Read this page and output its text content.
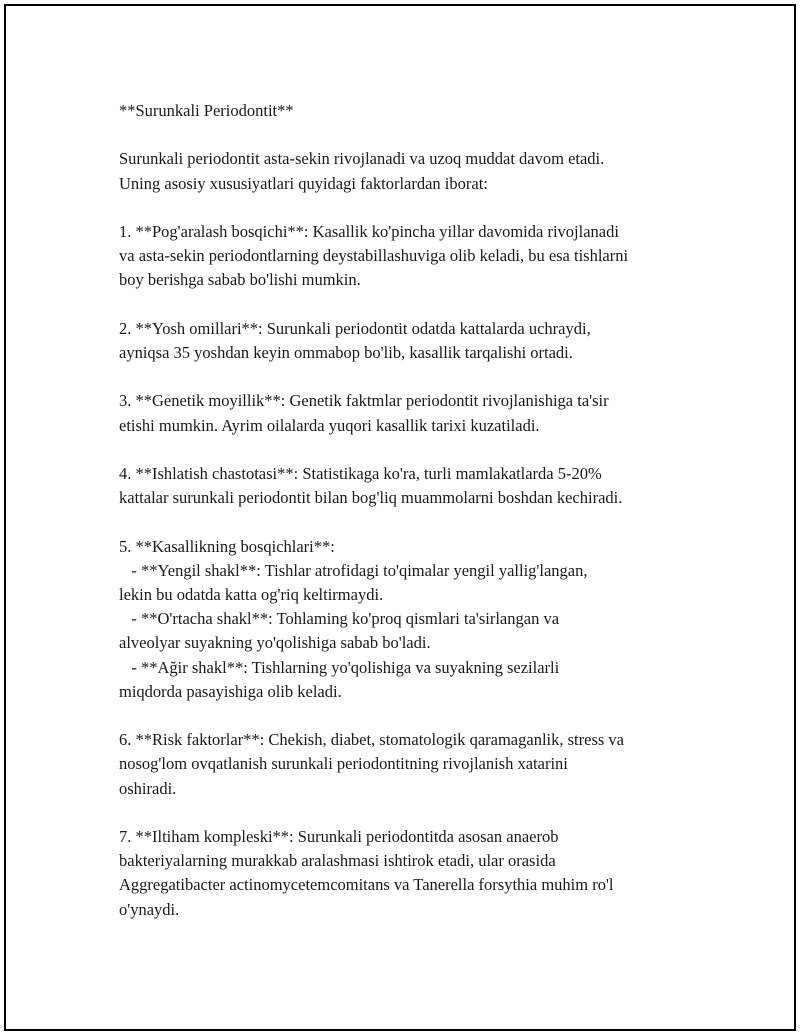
**Surunkali Periodontit**

Surunkali periodontit asta-sekin rivojlanadi va uzoq muddat davom etadi.

Uning asosiy xususiyatlari quyidagi faktorlardan iborat:

1. **Pog'aralash bosqichi**: Kasallik ko'pincha yillar davomida rivojlanadi

va asta-sekin periodontlarning deystabillashuviga olib keladi, bu esa tishlarni

boy berishga sabab bo'lishi mumkin.

2. **Yosh omillari**: Surunkali periodontit odatda kattalarda uchraydi,

ayniqsa 35 yoshdan keyin ommabop bo'lib, kasallik tarqalishi ortadi.

3. **Genetik moyillik**: Genetik faktmlar periodontit rivojlanishiga ta'sir

etishi mumkin. Ayrim oilalarda yuqori kasallik tarixi kuzatiladi.

4. **Ishlatish chastotasi**: Statistikaga ko'ra, turli mamlakatlarda 5-20%

kattalar surunkali periodontit bilan bog'liq muammolarni boshdan kechiradi.

5. **Kasallikning bosqichlari**:

- **Yengil shakl**: Tishlar atrofidagi to'qimalar yengil yallig'langan,

lekin bu odatda katta og'riq keltirmaydi.

- **O'rtacha shakl**: Tohlaming ko'proq qismlari ta'sirlangan va

alveolyar suyakning yo'qolishiga sabab bo'ladi.

- **Ağir shakl**: Tishlarning yo'qolishiga va suyakning sezilarli

miqdorda pasayishiga olib keladi.

6. **Risk faktorlar**: Chekish, diabet, stomatologik qaramaganlik, stress va

nosog'lom ovqatlanish surunkali periodontitning rivojlanish xatarini

oshiradi.

7. **Iltiham kompleski**: Surunkali periodontitda asosan anaerob

bakteriyalarning murakkab aralashmasi ishtirok etadi, ular orasida

Aggregatibacter actinomycetemcomitans va Tanerella forsythia muhim ro'l

o'ynaydi.
